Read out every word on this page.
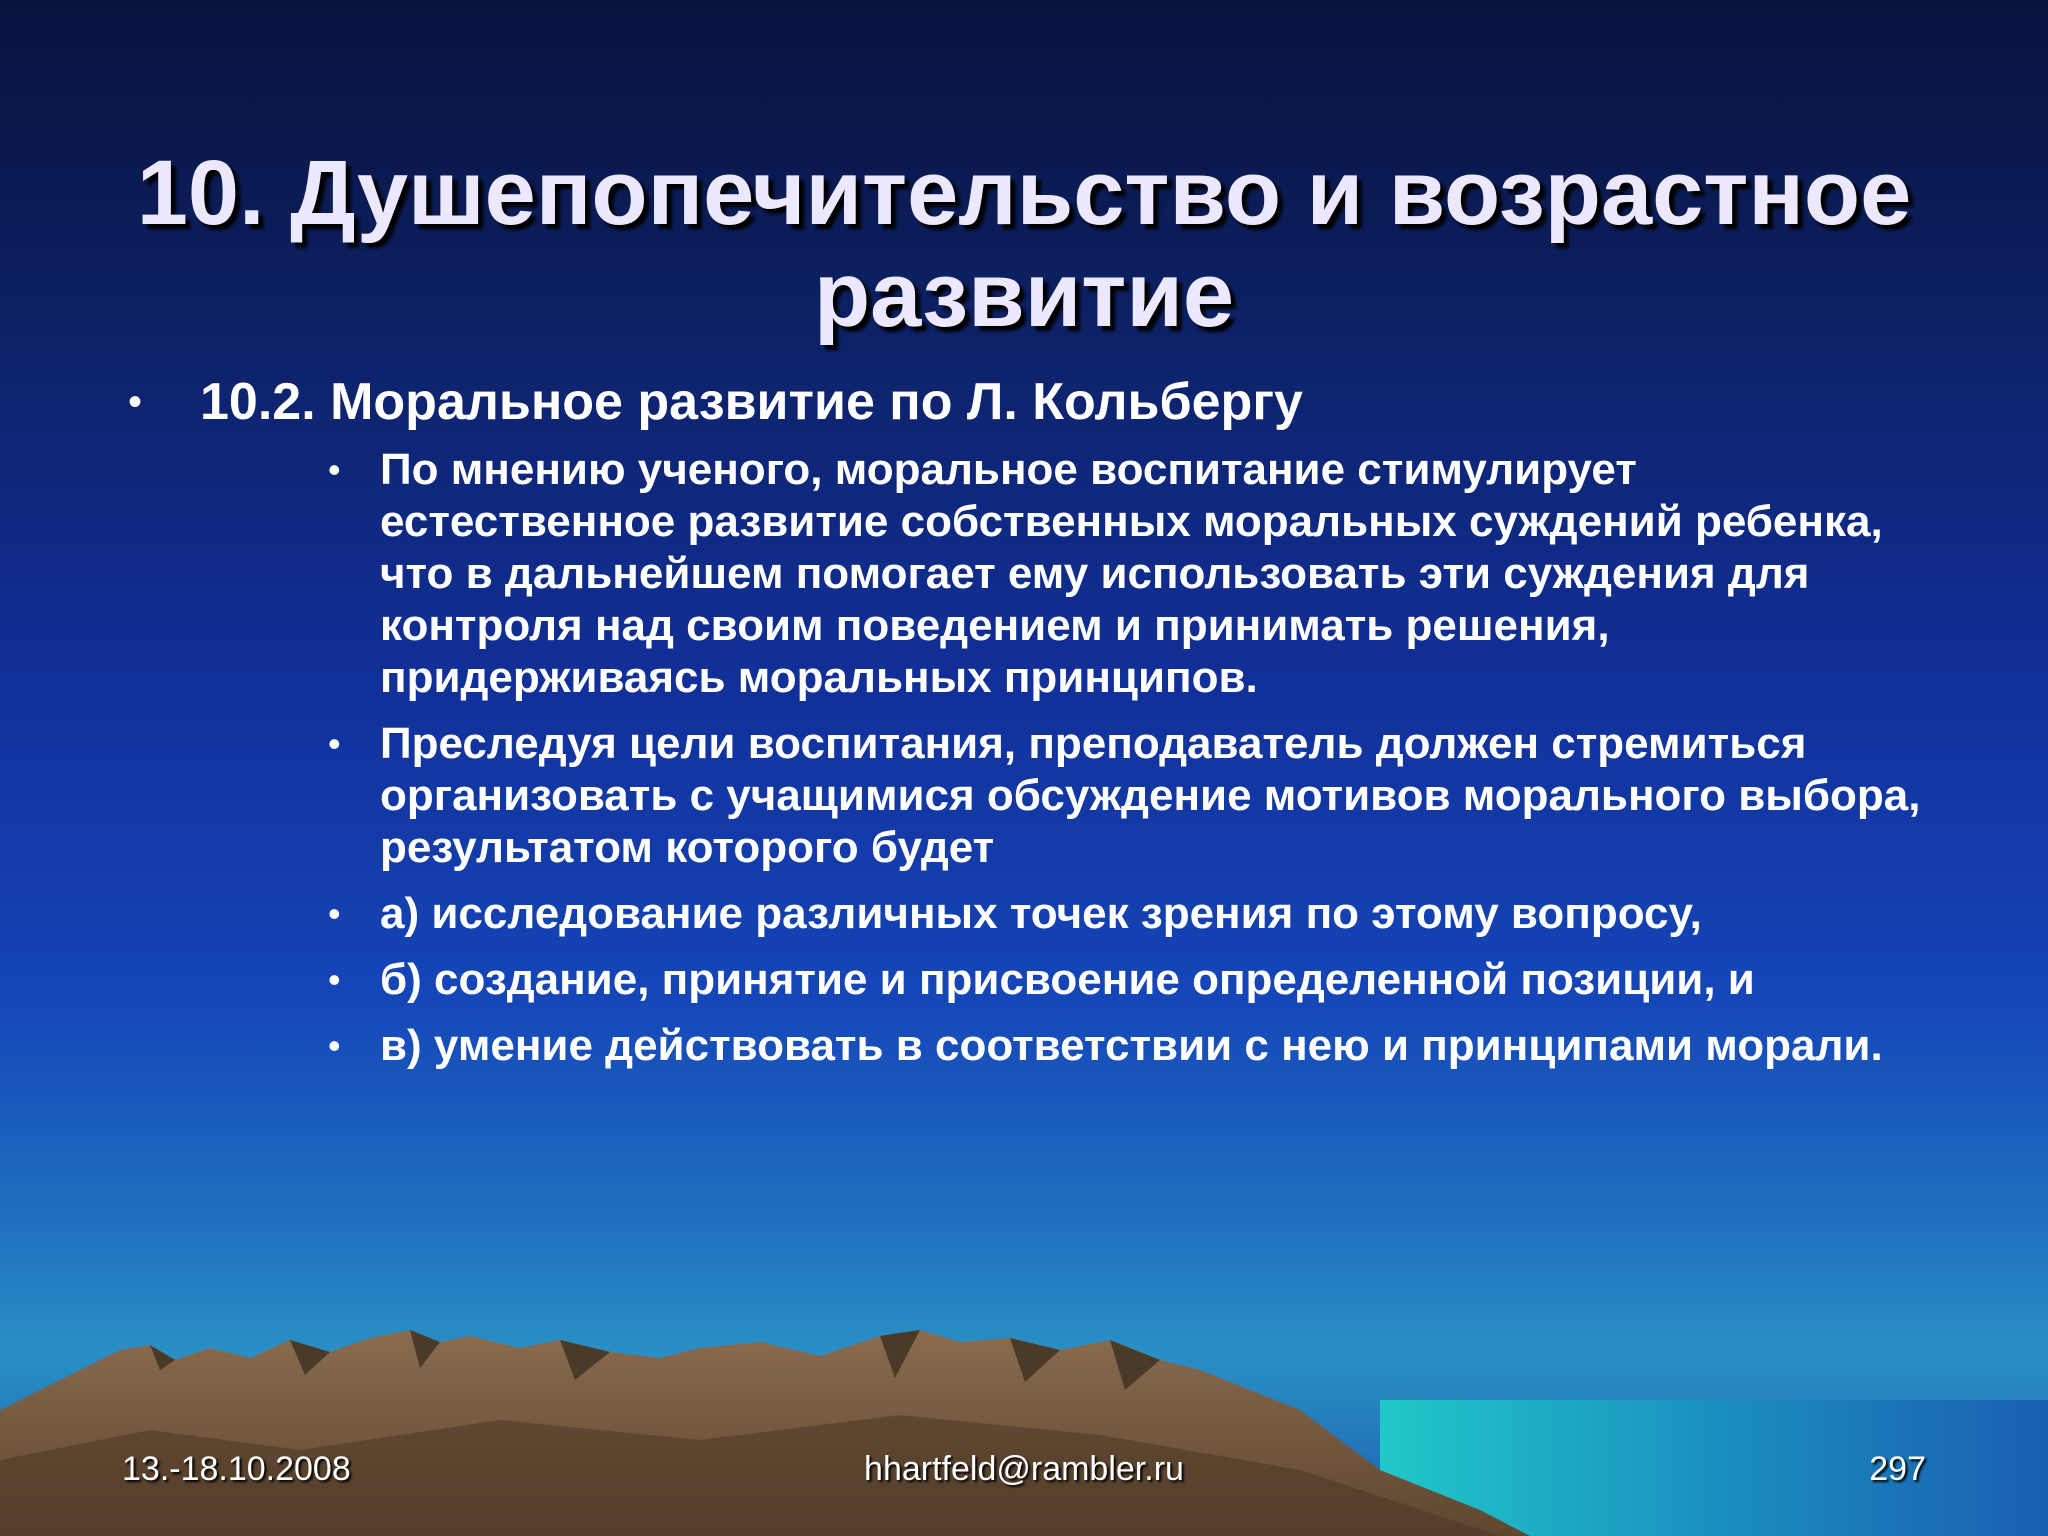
10. Душепопечительство и возрастное
развитие
• 10.2. Моральное развитие по Л. Кольбергу
• По мнению ученого, моральное воспитание стимулирует естественное развитие собственных моральных суждений ребенка, что в дальнейшем помогает ему использовать эти суждения для контроля над своим поведением и принимать решения, придерживаясь моральных принципов.
• Преследуя цели воспитания, преподаватель должен стремиться организовать с учащимися обсуждение мотивов морального выбора, результатом которого будет
• а) исследование различных точек зрения по этому вопросу,
• б) создание, принятие и присвоение определенной позиции, и
• в) умение действовать в соответствии с нею и принципами морали.
13.-18.10.2008	hhartfeld@rambler.ru	297
